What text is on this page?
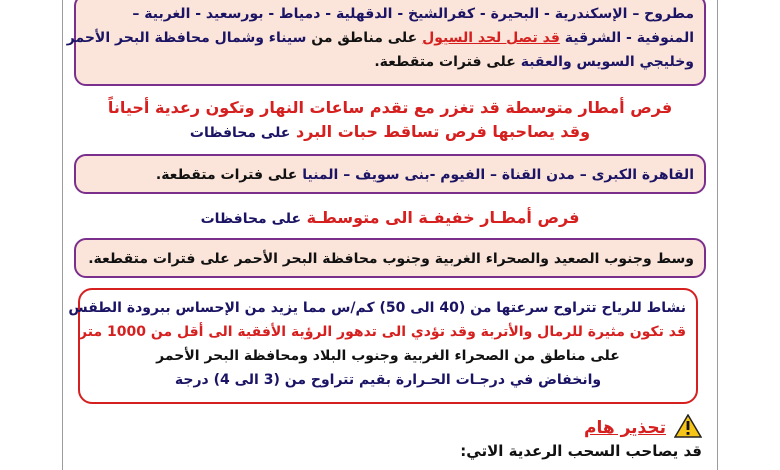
مطروح – الإسكندرية - البحيرة - كفرالشيخ - الدقهلية - دمياط - بورسعيد - الغربية –
المنوفية - الشرقية قد تصل لحد السيول على مناطق من سيناء وشمال محافظة البحر الأحمر
وخليجي السويس والعقبة على فترات متقطعة.
فرص أمطار متوسطة قد تغزر مع تقدم ساعات النهار وتكون رعدية أحياناً
وقد يصاحبها فرص تساقط حبات البرد على محافظات
القاهرة الكبرى – مدن القناة – الفيوم -بنى سويف – المنيا على فترات متقطعة.
فرص أمطـار خفيفـة الى متوسطـة على محافظات
وسط وجنوب الصعيد والصحراء الغربية وجنوب محافظة البحر الأحمر على فترات متقطعة.
نشاط للرياح تتراوح سرعتها من (40 الى 50) كم/س مما يزيد من الإحساس ببرودة الطقس
قد تكون مثيرة للرمال والأتربة وقد تؤدي الى تدهور الرؤية الأفقية الى أقل من 1000 متر
على مناطق من الصحراء الغربية وجنوب البلاد ومحافظة البحر الأحمر
وانخفاض في درجـات الحـرارة بقيم تتراوح من (3 الى 4) درجة
تحذير هام
قد يصاحب السحب الرعدية الاتي:
